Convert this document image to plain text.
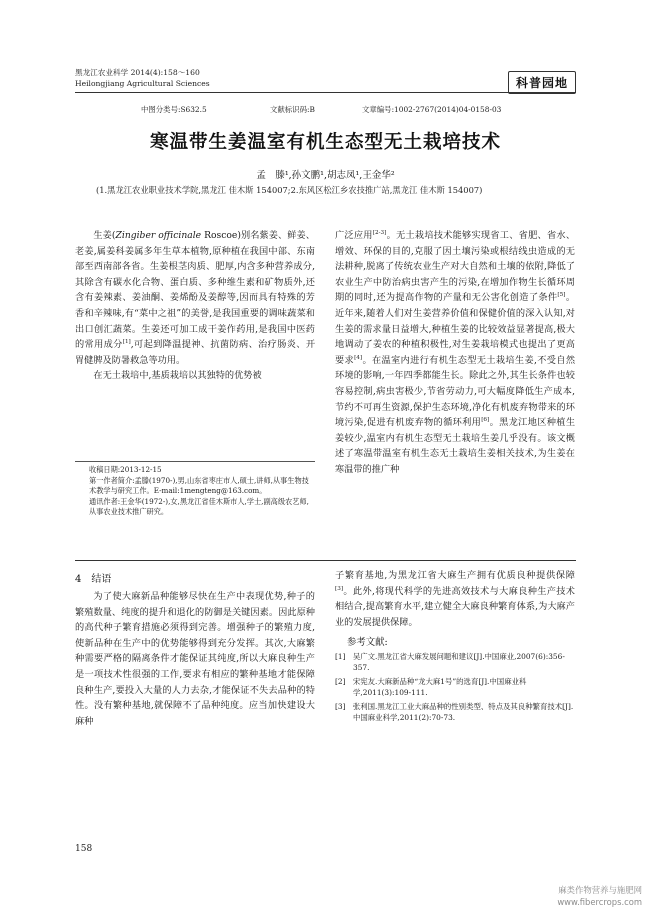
黑龙江农业科学 2014(4):158～160
Heilongjiang Agricultural Sciences	科普园地
中图分类号:S632.5	文献标识码:B	文章编号:1002-2767(2014)04-0158-03
寒温带生姜温室有机生态型无土栽培技术
孟　滕¹,孙文鹏¹,胡志凤¹,王金华²
(1.黑龙江农业职业技术学院,黑龙江 佳木斯 154007;2.东风区松江乡农技推广站,黑龙江 佳木斯 154007)

生姜(Zingiber officinale Roscoe)别名紫姜、鲜姜、老姜,属姜科姜属多年生草本植物,原种植在我国中部、东南部至西南部各省。生姜根茎肉质、肥厚,内含多种营养成分,其除含有碳水化合物、蛋白质、多种维生素和矿物质外,还含有姜辣素、姜油酮、姜烯酚及姜醇等,因而具有特殊的芳香和辛辣味,有“菜中之祖”的美誉,是我国重要的调味蔬菜和出口创汇蔬菜。生姜还可加工成干姜作药用,是我国中医药的常用成分[1],可起到降温提神、抗菌防病、治疗肠炎、开胃健脾及防暑救急等功用。

在无土栽培中,基质栽培以其独特的优势被

收稿日期:2013-12-15
第一作者简介:孟滕(1970-),男,山东省枣庄市人,硕士,讲师,从事生物技术教学与研究工作。E-mail:1mengteng@163.com。
通讯作者:王金华(1972-),女,黑龙江省佳木斯市人,学士,副高级农艺师,从事农业技术推广研究。

广泛应用[2-3]。无土栽培技术能够实现省工、省肥、省水、增效、环保的目的,克服了因土壤污染或根结线虫造成的无法耕种,脱离了传统农业生产对大自然和土壤的依附,降低了农业生产中防治病虫害产生的污染,在增加作物生长循环周期的同时,还为提高作物的产量和无公害化创造了条件[5]。近年来,随着人们对生姜营养价值和保健价值的深入认知,对生姜的需求量日益增大,种植生姜的比较效益显著提高,极大地调动了姜农的种植积极性,对生姜栽培模式也提出了更高要求[4]。在温室内进行有机生态型无土栽培生姜,不受自然环境的影响,一年四季都能生长。除此之外,其生长条件也较容易控制,病虫害极少,节省劳动力,可大幅度降低生产成本,节约不可再生资源,保护生态环境,净化有机废弃物带来的环境污染,促进有机废弃物的循环利用[6]。黑龙江地区种植生姜较少,温室内有机生态型无土栽培生姜几乎没有。该文概述了寒温带温室有机生态无土栽培生姜相关技术,为生姜在寒温带的推广种

4　结语

为了使大麻新品种能够尽快在生产中表现优势,种子的繁殖数量、纯度的提升和退化的防御是关键因素。因此原种的高代种子繁育措施必须得到完善。增强种子的繁殖力度,使新品种在生产中的优势能够得到充分发挥。其次,大麻繁种需要严格的隔离条件才能保证其纯度,所以大麻良种生产是一项技术性很强的工作,要求有相应的繁种基地才能保障良种生产,要投入大量的人力去杂,才能保证不失去品种的特性。没有繁种基地,就保障不了品种纯度。应当加快建设大麻种

子繁育基地,为黑龙江省大麻生产拥有优质良种提供保障[3]。此外,将现代科学的先进高效技术与大麻良种生产技术相结合,提高繁育水平,建立健全大麻良种繁育体系,为大麻产业的发展提供保障。

参考文献:

[1]　吴广文.黑龙江省大麻发展问题和建议[J].中国麻业,2007(6):356-357.

[2]　宋宪友.大麻新品种“龙大麻1号”的选育[J].中国麻业科学,2011(3):109-111.

[3]　张利国.黑龙江工业大麻品种的性别类型、特点及其良种繁育技术[J].中国麻业科学,2011(2):70-73.

158
麻类作物营养与施肥网
www.fibercrops.com
